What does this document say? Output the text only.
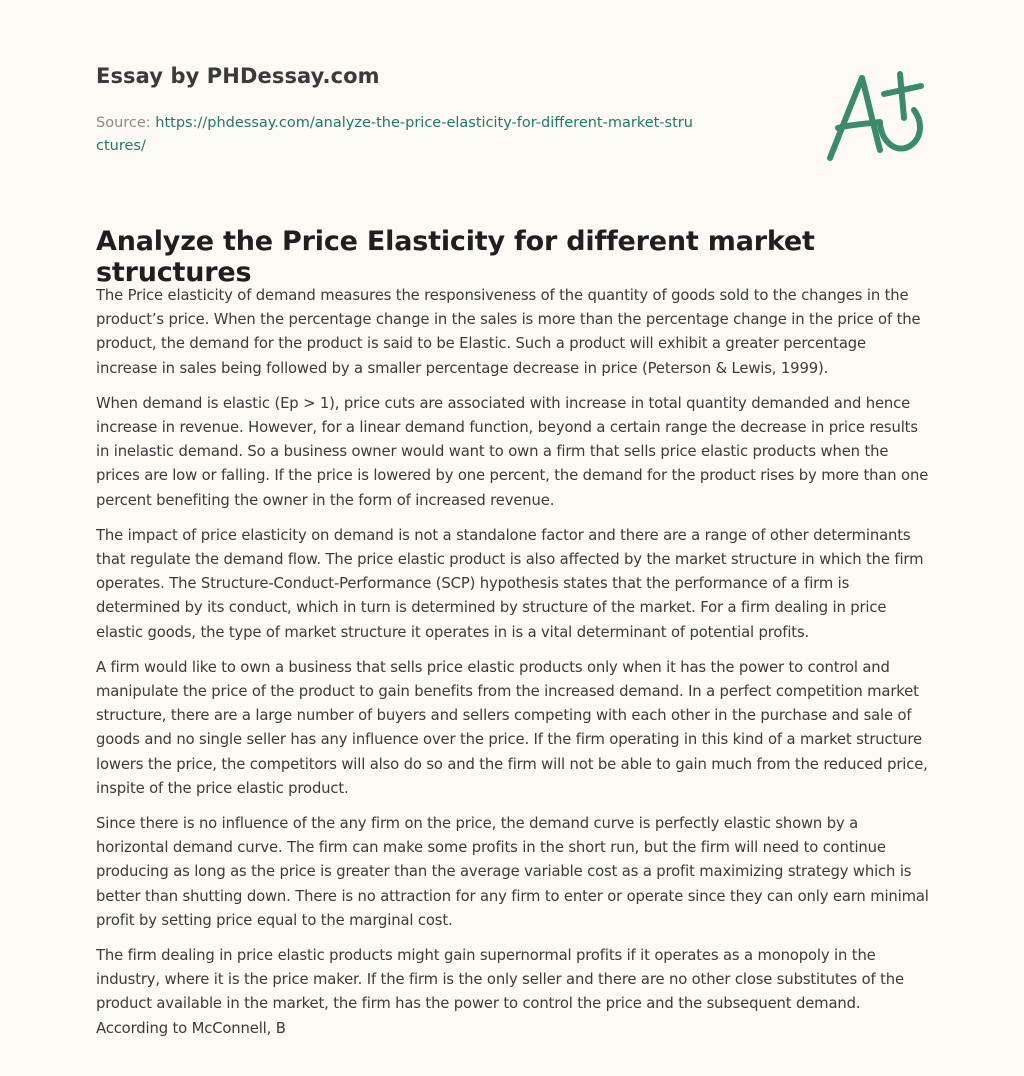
Essay by PHDessay.com
Source: https://phdessay.com/analyze-the-price-elasticity-for-different-market-structures/
Analyze the Price Elasticity for different market structures

The Price elasticity of demand measures the responsiveness of the quantity of goods sold to the changes in the product’s price. When the percentage change in the sales is more than the percentage change in the price of the product, the demand for the product is said to be Elastic. Such a product will exhibit a greater percentage increase in sales being followed by a smaller percentage decrease in price (Peterson & Lewis, 1999).

When demand is elastic (Ep > 1), price cuts are associated with increase in total quantity demanded and hence increase in revenue. However, for a linear demand function, beyond a certain range the decrease in price results in inelastic demand. So a business owner would want to own a firm that sells price elastic products when the prices are low or falling. If the price is lowered by one percent, the demand for the product rises by more than one percent benefiting the owner in the form of increased revenue.

The impact of price elasticity on demand is not a standalone factor and there are a range of other determinants that regulate the demand flow. The price elastic product is also affected by the market structure in which the firm operates. The Structure-Conduct-Performance (SCP) hypothesis states that the performance of a firm is determined by its conduct, which in turn is determined by structure of the market. For a firm dealing in price elastic goods, the type of market structure it operates in is a vital determinant of potential profits.

A firm would like to own a business that sells price elastic products only when it has the power to control and manipulate the price of the product to gain benefits from the increased demand. In a perfect competition market structure, there are a large number of buyers and sellers competing with each other in the purchase and sale of goods and no single seller has any influence over the price. If the firm operating in this kind of a market structure lowers the price, the competitors will also do so and the firm will not be able to gain much from the reduced price, inspite of the price elastic product.

Since there is no influence of the any firm on the price, the demand curve is perfectly elastic shown by a horizontal demand curve. The firm can make some profits in the short run, but the firm will need to continue producing as long as the price is greater than the average variable cost as a profit maximizing strategy which is better than shutting down. There is no attraction for any firm to enter or operate since they can only earn minimal profit by setting price equal to the marginal cost.

The firm dealing in price elastic products might gain supernormal profits if it operates as a monopoly in the industry, where it is the price maker. If the firm is the only seller and there are no other close substitutes of the product available in the market, the firm has the power to control the price and the subsequent demand. According to McConnell, B
